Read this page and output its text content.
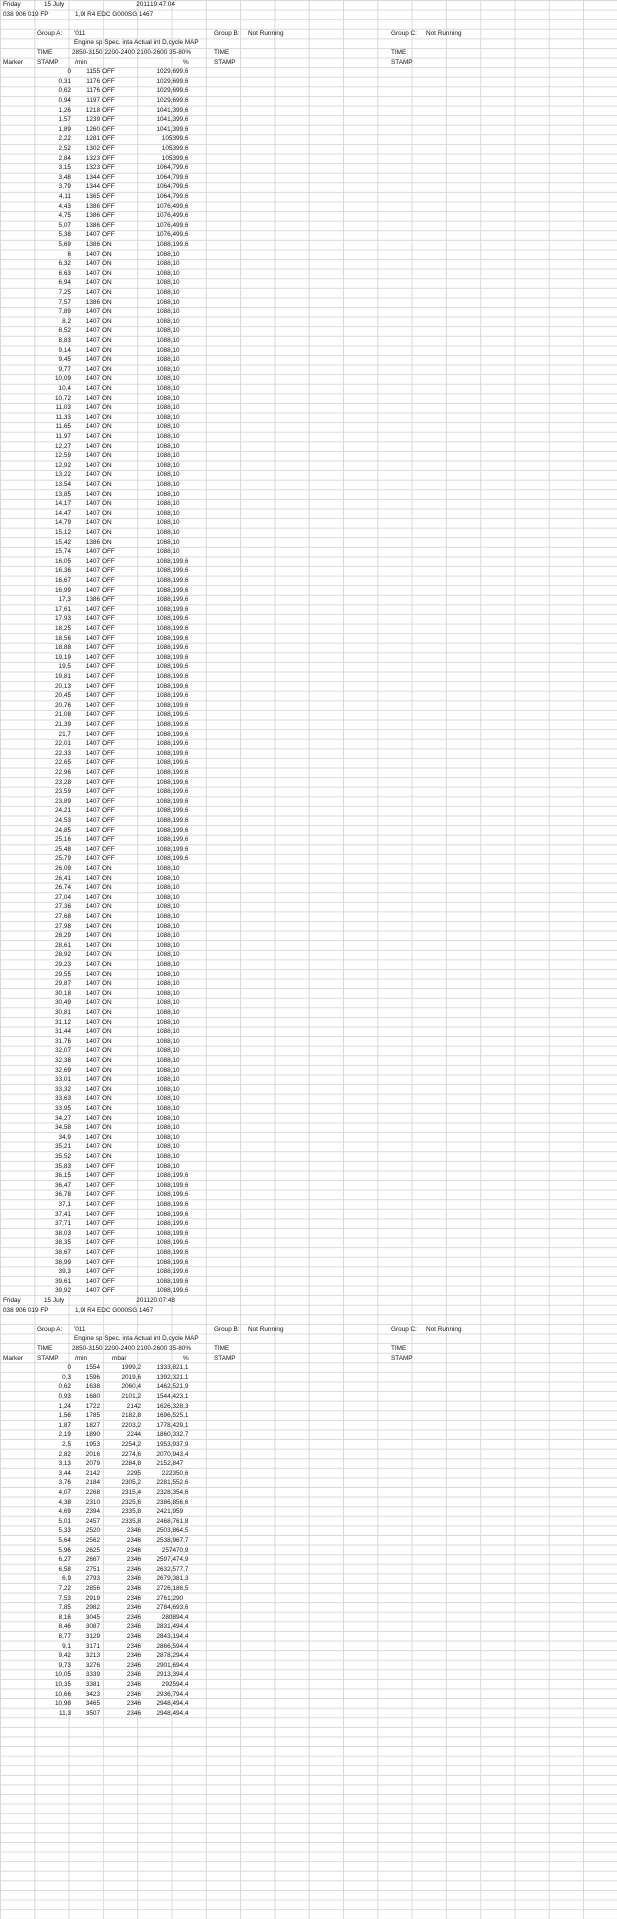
Friday	15 July	2011 19:47:04
038 906 019 FP	1,9l R4 EDC G000SG 1467
Group A:	'011	Group B:	Not Running	Group C:	Not Running
Engine sp Spec. inta Actual int D,cycle MAP
TIME	2850-3150 2200-2400 2100-2600 35-80%	TIME	TIME
Marker	STAMP	/min	%	STAMP	STAMP
0	1155 OFF	1029,6 99,6
0,31	1176 OFF	1029,6 99,6
0,62	1176 OFF	1029,6 99,6
0,94	1197 OFF	1029,6 99,6
1,26	1218 OFF	1041,3 99,6
1,57	1239 OFF	1041,3 99,6
1,89	1260 OFF	1041,3 99,6
2,22	1281 OFF	1053 99,6
2,52	1302 OFF	1053 99,6
2,84	1323 OFF	1053 99,6
3,15	1323 OFF	1064,7 99,6
3,48	1344 OFF	1064,7 99,6
3,79	1344 OFF	1064,7 99,6
4,11	1365 OFF	1064,7 99,6
4,43	1386 OFF	1076,4 99,6
4,75	1386 OFF	1076,4 99,6
5,07	1386 OFF	1076,4 99,6
5,38	1407 OFF	1076,4 99,6
5,69	1386 ON	1088,1 99,6
6	1407 ON	1088,1 0
6,32	1407 ON	1088,1 0
6,63	1407 ON	1088,1 0
6,94	1407 ON	1088,1 0
7,25	1407 ON	1088,1 0
7,57	1386 ON	1088,1 0
7,89	1407 ON	1088,1 0
8,2	1407 ON	1088,1 0
8,52	1407 ON	1088,1 0
8,83	1407 ON	1088,1 0
9,14	1407 ON	1088,1 0
9,45	1407 ON	1088,1 0
9,77	1407 ON	1088,1 0
10,09	1407 ON	1088,1 0
10,4	1407 ON	1088,1 0
10,72	1407 ON	1088,1 0
11,03	1407 ON	1088,1 0
11,33	1407 ON	1088,1 0
11,65	1407 ON	1088,1 0
11,97	1407 ON	1088,1 0
12,27	1407 ON	1088,1 0
12,59	1407 ON	1088,1 0
12,92	1407 ON	1088,1 0
13,22	1407 ON	1088,1 0
13,54	1407 ON	1088,1 0
13,85	1407 ON	1088,1 0
14,17	1407 ON	1088,1 0
14,47	1407 ON	1088,1 0
14,79	1407 ON	1088,1 0
15,12	1407 ON	1088,1 0
15,42	1386 ON	1088,1 0
15,74	1407 OFF	1088,1 0
16,05	1407 OFF	1088,1 99,6
16,36	1407 OFF	1088,1 99,6
16,67	1407 OFF	1088,1 99,6
16,99	1407 OFF	1088,1 99,6
17,3	1386 OFF	1088,1 99,6
17,61	1407 OFF	1088,1 99,6
17,93	1407 OFF	1088,1 99,6
18,25	1407 OFF	1088,1 99,6
18,56	1407 OFF	1088,1 99,6
18,88	1407 OFF	1088,1 99,6
19,19	1407 OFF	1088,1 99,6
19,5	1407 OFF	1088,1 99,6
19,81	1407 OFF	1088,1 99,6
20,13	1407 OFF	1088,1 99,6
20,45	1407 OFF	1088,1 99,6
20,76	1407 OFF	1088,1 99,6
21,08	1407 OFF	1088,1 99,6
21,39	1407 OFF	1088,1 99,6
21,7	1407 OFF	1088,1 99,6
22,01	1407 OFF	1088,1 99,6
22,33	1407 OFF	1088,1 99,6
22,65	1407 OFF	1088,1 99,6
22,96	1407 OFF	1088,1 99,6
23,28	1407 OFF	1088,1 99,6
23,59	1407 OFF	1088,1 99,6
23,89	1407 OFF	1088,1 99,6
24,21	1407 OFF	1088,1 99,6
24,53	1407 OFF	1088,1 99,6
24,85	1407 OFF	1088,1 99,6
25,16	1407 OFF	1088,1 99,6
25,48	1407 OFF	1088,1 99,6
25,79	1407 OFF	1088,1 99,6
26,09	1407 ON	1088,1 0
26,41	1407 ON	1088,1 0
26,74	1407 ON	1088,1 0
27,04	1407 ON	1088,1 0
27,36	1407 ON	1088,1 0
27,68	1407 ON	1088,1 0
27,98	1407 ON	1088,1 0
28,29	1407 ON	1088,1 0
28,61	1407 ON	1088,1 0
28,92	1407 ON	1088,1 0
29,23	1407 ON	1088,1 0
29,55	1407 ON	1088,1 0
29,87	1407 ON	1088,1 0
30,18	1407 ON	1088,1 0
30,49	1407 ON	1088,1 0
30,81	1407 ON	1088,1 0
31,12	1407 ON	1088,1 0
31,44	1407 ON	1088,1 0
31,76	1407 ON	1088,1 0
32,07	1407 ON	1088,1 0
32,38	1407 ON	1088,1 0
32,69	1407 ON	1088,1 0
33,01	1407 ON	1088,1 0
33,32	1407 ON	1088,1 0
33,63	1407 ON	1088,1 0
33,95	1407 ON	1088,1 0
34,27	1407 ON	1088,1 0
34,58	1407 ON	1088,1 0
34,9	1407 ON	1088,1 0
35,21	1407 ON	1088,1 0
35,52	1407 ON	1088,1 0
35,83	1407 OFF	1088,1 0
36,15	1407 OFF	1088,1 99,6
36,47	1407 OFF	1088,1 99,6
36,78	1407 OFF	1088,1 99,6
37,1	1407 OFF	1088,1 99,6
37,41	1407 OFF	1088,1 99,6
37,71	1407 OFF	1088,1 99,6
38,03	1407 OFF	1088,1 99,6
38,35	1407 OFF	1088,1 99,6
38,67	1407 OFF	1088,1 99,6
38,99	1407 OFF	1088,1 99,6
39,3	1407 OFF	1088,1 99,6
39,61	1407 OFF	1088,1 99,6
39,92	1407 OFF	1088,1 99,6
Friday	15 July	2011 20:07:48
038 906 019 FP	1,9l R4 EDC G000SG 1467
Group A:	'011	Group B:	Not Running	Group C:	Not Running
Engine sp Spec. inta Actual int D,cycle MAP
TIME	2850-3150 2200-2400 2100-2600 35-80%	TIME	TIME
Marker	STAMP	/min	mbar	%	STAMP	STAMP
0	1554	1999,2	1333,8 21,1
0,3	1596	2019,6	1392,3 21,1
0,62	1638	2060,4	1462,5 21,9
0,93	1680	2101,2	1544,4 23,1
1,24	1722	2142	1626,3 28,3
1,56	1785	2182,8	1696,5 25,1
1,87	1827	2203,2	1778,4 29,1
2,19	1890	2244	1860,3 32,7
2,5	1953	2254,2	1953,9 37,9
2,82	2016	2274,6	2070,9 43,4
3,13	2079	2284,8	2152,8 47
3,44	2142	2295	2223 50,6
3,76	2184	2305,2	2281,5 52,6
4,07	2268	2315,4	2328,3 54,6
4,38	2310	2325,6	2386,8 56,6
4,69	2394	2335,8	2421,9 59
5,01	2457	2335,8	2468,7 61,8
5,33	2520	2346	2503,8 64,5
5,64	2562	2346	2538,9 67,7
5,96	2625	2346	2574 70,9
6,27	2667	2346	2597,4 74,9
6,58	2751	2346	2632,5 77,7
6,9	2793	2346	2679,3 81,3
7,22	2856	2346	2726,1 86,5
7,53	2919	2346	2761,2 90
7,85	2982	2346	2784,6 93,6
8,16	3045	2346	2808 94,4
8,46	3087	2346	2831,4 94,4
8,77	3129	2346	2843,1 94,4
9,1	3171	2346	2866,5 94,4
9,42	3213	2346	2878,2 94,4
9,73	3276	2346	2901,6 94,4
10,05	3339	2346	2913,3 94,4
10,35	3381	2346	2925 94,4
10,66	3423	2346	2936,7 94,4
10,98	3465	2346	2948,4 94,4
11,3	3507	2346	2948,4 94,4
